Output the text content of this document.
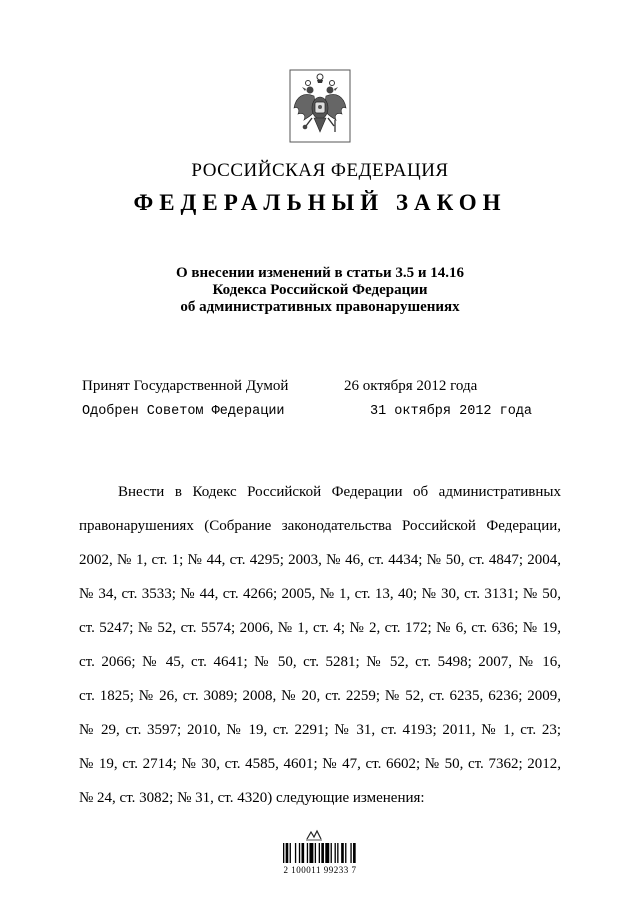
РОССИЙСКАЯ ФЕДЕРАЦИЯ
ФЕДЕРАЛЬНЫЙ ЗАКОН
О внесении изменений в статьи 3.5 и 14.16
Кодекса Российской Федерации
об административных правонарушениях
Принят Государственной Думой	26 октября 2012 года
Одобрен Советом Федерации	31 октября 2012 года
Внести в Кодекс Российской Федерации об административных
правонарушениях (Собрание законодательства Российской Федерации,
2002, № 1, ст. 1; № 44, ст. 4295; 2003, № 46, ст. 4434; № 50, ст. 4847; 2004,
№ 34, ст. 3533; № 44, ст. 4266; 2005, № 1, ст. 13, 40; № 30, ст. 3131; № 50,
ст. 5247; № 52, ст. 5574; 2006, № 1, ст. 4; № 2, ст. 172; № 6, ст. 636; № 19,
ст. 2066; № 45, ст. 4641; № 50, ст. 5281; № 52, ст. 5498; 2007, № 16,
ст. 1825; № 26, ст. 3089; 2008, № 20, ст. 2259; № 52, ст. 6235, 6236; 2009,
№ 29, ст. 3597; 2010, № 19, ст. 2291; № 31, ст. 4193; 2011, № 1, ст. 23;
№ 19, ст. 2714; № 30, ст. 4585, 4601; № 47, ст. 6602; № 50, ст. 7362; 2012,
№ 24, ст. 3082; № 31, ст. 4320) следующие изменения:
2 100011 99233 7
